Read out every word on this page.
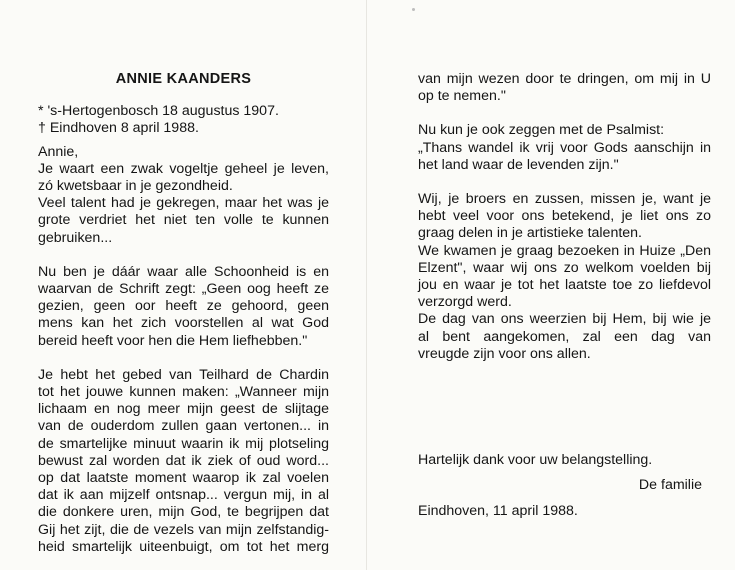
ANNIE KAANDERS
* 's-Hertogenbosch 18 augustus 1907.
† Eindhoven 8 april 1988.
Annie,
Je waart een zwak vogeltje geheel je leven,
zó kwetsbaar in je gezondheid.
Veel talent had je gekregen, maar het was je
grote verdriet het niet ten volle te kunnen
gebruiken...
Nu ben je dáár waar alle Schoonheid is en
waarvan de Schrift zegt: „Geen oog heeft ze
gezien, geen oor heeft ze gehoord, geen
mens kan het zich voorstellen al wat God
bereid heeft voor hen die Hem liefhebben."
Je hebt het gebed van Teilhard de Chardin
tot het jouwe kunnen maken: „Wanneer mijn
lichaam en nog meer mijn geest de slijtage
van de ouderdom zullen gaan vertonen... in
de smartelijke minuut waarin ik mij plotseling
bewust zal worden dat ik ziek of oud word...
op dat laatste moment waarop ik zal voelen
dat ik aan mijzelf ontsnap... vergun mij, in al
die donkere uren, mijn God, te begrijpen dat
Gij het zijt, die de vezels van mijn zelfstandig-
heid smartelijk uiteenbuigt, om tot het merg
van mijn wezen door te dringen, om mij in U
op te nemen."
Nu kun je ook zeggen met de Psalmist:
„Thans wandel ik vrij voor Gods aanschijn in
het land waar de levenden zijn."
Wij, je broers en zussen, missen je, want je
hebt veel voor ons betekend, je liet ons zo
graag delen in je artistieke talenten.
We kwamen je graag bezoeken in Huize „Den
Elzent", waar wij ons zo welkom voelden bij
jou en waar je tot het laatste toe zo liefdevol
verzorgd werd.
De dag van ons weerzien bij Hem, bij wie je
al bent aangekomen, zal een dag van
vreugde zijn voor ons allen.
Hartelijk dank voor uw belangstelling.
De familie
Eindhoven, 11 april 1988.
